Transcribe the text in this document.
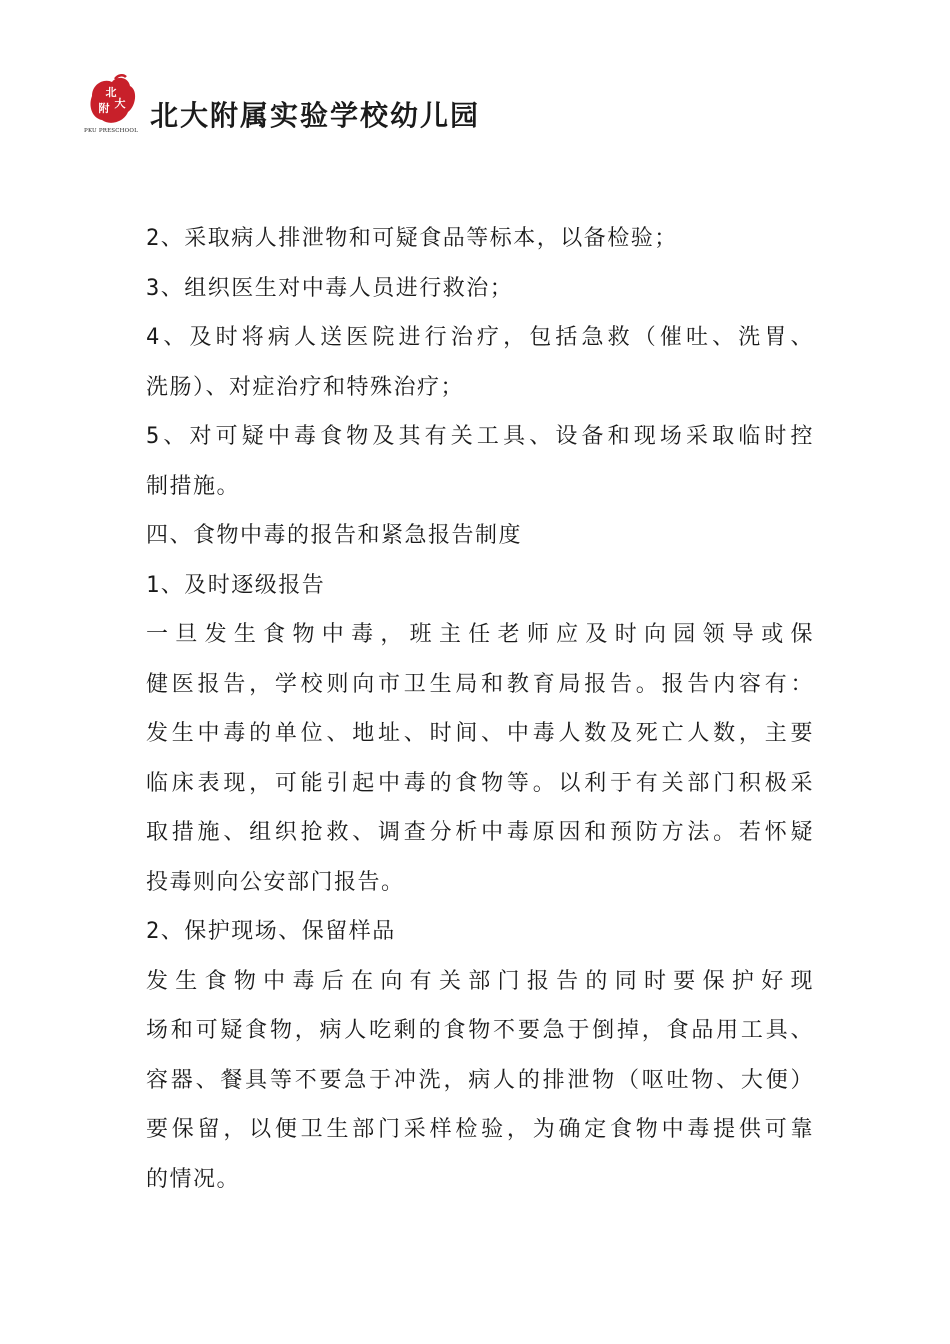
北
大
附
PKU PRESCHOOL 北大附属实验学校幼儿园
2、采取病人排泄物和可疑食品等标本，以备检验；
3、组织医生对中毒人员进行救治；
4、及时将病人送医院进行治疗，包括急救（催吐、洗胃、
洗肠）、对症治疗和特殊治疗；
5、对可疑中毒食物及其有关工具、设备和现场采取临时控
制措施。
四、食物中毒的报告和紧急报告制度
1、及时逐级报告
一旦发生食物中毒，班主任老师应及时向园领导或保
健医报告，学校则向市卫生局和教育局报告。报告内容有：
发生中毒的单位、地址、时间、中毒人数及死亡人数，主要
临床表现，可能引起中毒的食物等。以利于有关部门积极采
取措施、组织抢救、调查分析中毒原因和预防方法。若怀疑
投毒则向公安部门报告。
2、保护现场、保留样品
发生食物中毒后在向有关部门报告的同时要保护好现
场和可疑食物，病人吃剩的食物不要急于倒掉，食品用工具、
容器、餐具等不要急于冲洗，病人的排泄物（呕吐物、大便）
要保留，以便卫生部门采样检验，为确定食物中毒提供可靠
的情况。
